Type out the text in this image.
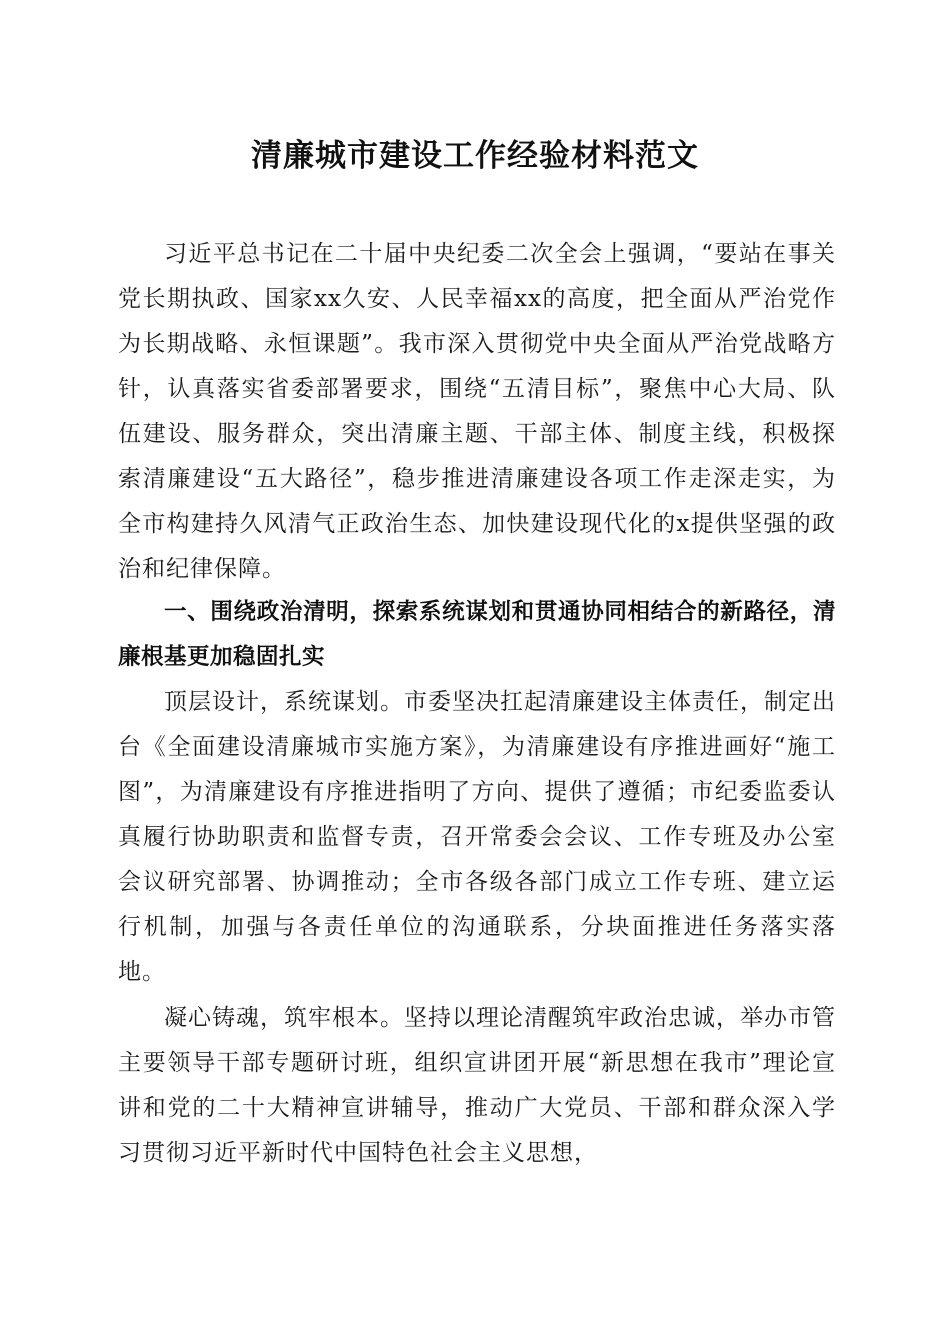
清廉城市建设工作经验材料范文

习近平总书记在二十届中央纪委二次全会上强调，“要站在事关党长期执政、国家xx久安、人民幸福xx的高度，把全面从严治党作为长期战略、永恒课题”。我市深入贯彻党中央全面从严治党战略方针，认真落实省委部署要求，围绕“五清目标”，聚焦中心大局、队伍建设、服务群众，突出清廉主题、干部主体、制度主线，积极探索清廉建设“五大路径”，稳步推进清廉建设各项工作走深走实，为全市构建持久风清气正政治生态、加快建设现代化的x提供坚强的政治和纪律保障。

一、围绕政治清明，探索系统谋划和贯通协同相结合的新路径，清廉根基更加稳固扎实

顶层设计，系统谋划。市委坚决扛起清廉建设主体责任，制定出台《全面建设清廉城市实施方案》，为清廉建设有序推进画好“施工图”，为清廉建设有序推进指明了方向、提供了遵循；市纪委监委认真履行协助职责和监督专责，召开常委会会议、工作专班及办公室会议研究部署、协调推动；全市各级各部门成立工作专班、建立运行机制，加强与各责任单位的沟通联系，分块面推进任务落实落地。

凝心铸魂，筑牢根本。坚持以理论清醒筑牢政治忠诚，举办市管主要领导干部专题研讨班，组织宣讲团开展“新思想在我市”理论宣讲和党的二十大精神宣讲辅导，推动广大党员、干部和群众深入学习贯彻习近平新时代中国特色社会主义思想，
